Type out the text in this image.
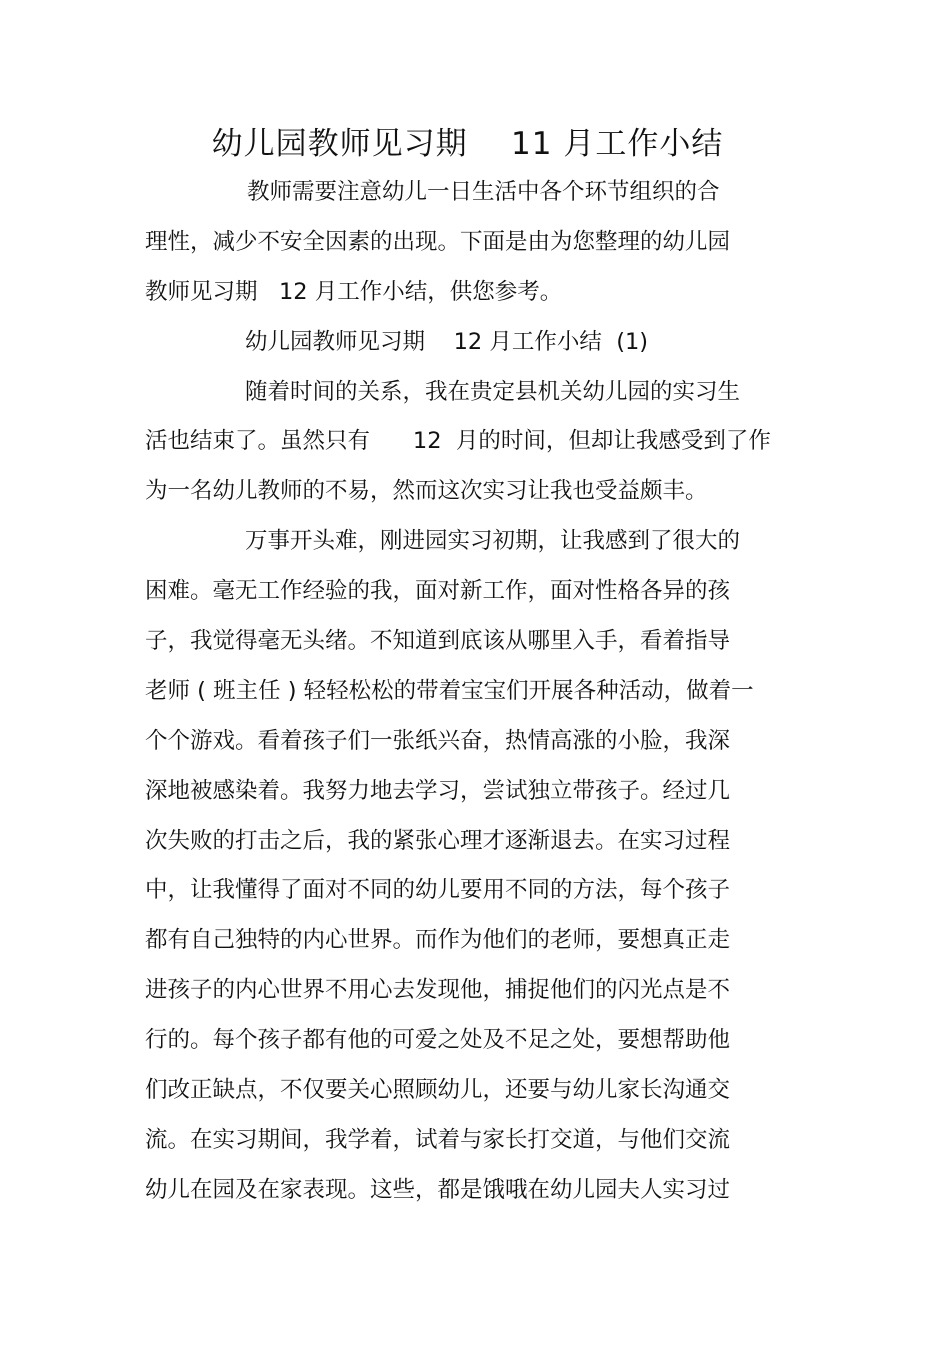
幼儿园教师见习期    11 月工作小结
教师需要注意幼儿一日生活中各个环节组织的合
理性，减少不安全因素的出现。下面是由为您整理的幼儿园
教师见习期   12 月工作小结，供您参考。
幼儿园教师见习期    12 月工作小结  (1)
随着时间的关系，我在贵定县机关幼儿园的实习生
活也结束了。虽然只有      12  月的时间，但却让我感受到了作
为一名幼儿教师的不易，然而这次实习让我也受益颇丰。
万事开头难，刚进园实习初期，让我感到了很大的
困难。毫无工作经验的我，面对新工作，面对性格各异的孩
子，我觉得毫无头绪。不知道到底该从哪里入手，看着指导
老师 ( 班主任 ) 轻轻松松的带着宝宝们开展各种活动，做着一
个个游戏。看着孩子们一张纸兴奋，热情高涨的小脸，我深
深地被感染着。我努力地去学习，尝试独立带孩子。经过几
次失败的打击之后，我的紧张心理才逐渐退去。在实习过程
中，让我懂得了面对不同的幼儿要用不同的方法，每个孩子
都有自己独特的内心世界。而作为他们的老师，要想真正走
进孩子的内心世界不用心去发现他，捕捉他们的闪光点是不
行的。每个孩子都有他的可爱之处及不足之处，要想帮助他
们改正缺点，不仅要关心照顾幼儿，还要与幼儿家长沟通交
流。在实习期间，我学着，试着与家长打交道，与他们交流
幼儿在园及在家表现。这些，都是饿哦在幼儿园夫人实习过
